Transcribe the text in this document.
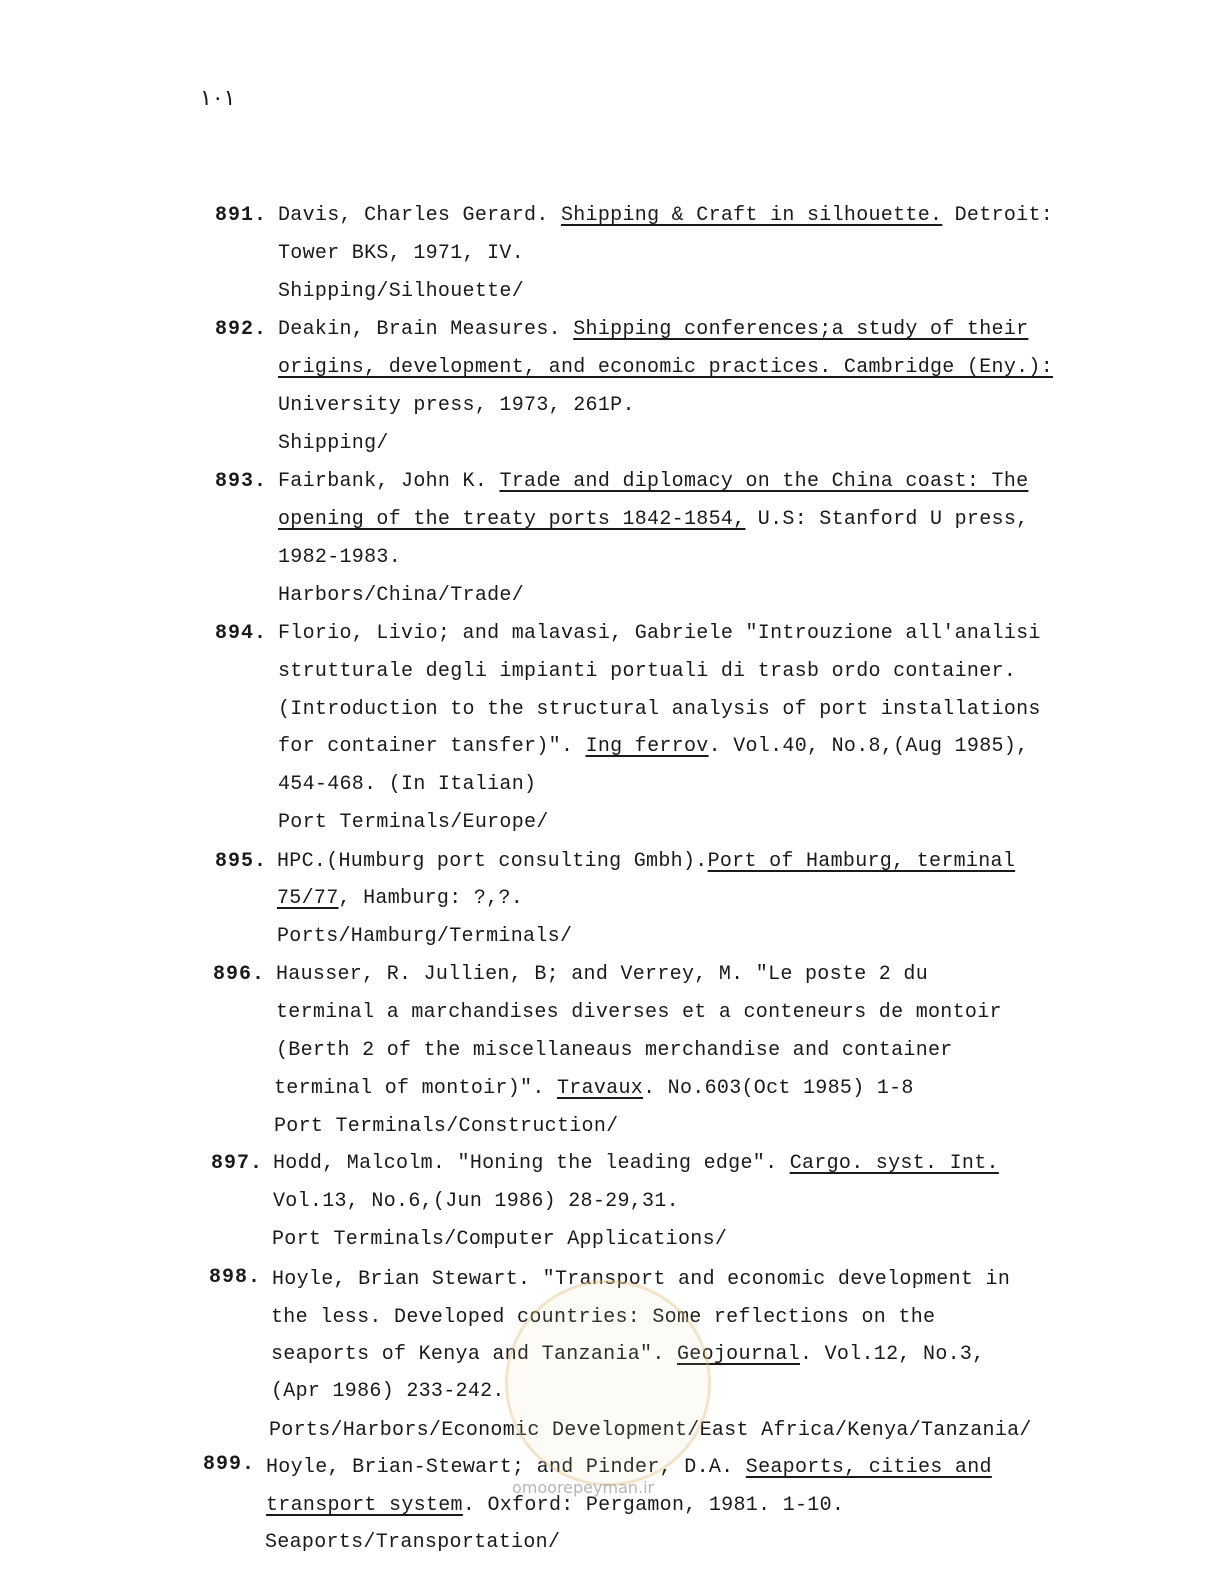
۱۰۱
891. Davis, Charles Gerard. Shipping & Craft in silhouette. Detroit:
Tower BKS, 1971, IV.
Shipping/Silhouette/
892. Deakin, Brain Measures. Shipping conferences;a study of their
origins, development, and economic practices. Cambridge (Eny.):
University press, 1973, 261P.
Shipping/
893. Fairbank, John K. Trade and diplomacy on the China coast: The
opening of the treaty ports 1842-1854, U.S: Stanford U press,
1982-1983.
Harbors/China/Trade/
894. Florio, Livio; and malavasi, Gabriele "Introuzione all'analisi
strutturale degli impianti portuali di trasb ordo container.
(Introduction to the structural analysis of port installations
for container tansfer)". Ing ferrov. Vol.40, No.8,(Aug 1985),
454-468. (In Italian)
Port Terminals/Europe/
895. HPC.(Humburg port consulting Gmbh).Port of Hamburg, terminal
75/77, Hamburg: ?,?.
Ports/Hamburg/Terminals/
896. Hausser, R. Jullien, B; and Verrey, M. "Le poste 2 du
terminal a marchandises diverses et a conteneurs de montoir
(Berth 2 of the miscellaneaus merchandise and container
terminal of montoir)". Travaux. No.603(Oct 1985) 1-8
Port Terminals/Construction/
897. Hodd, Malcolm. "Honing the leading edge". Cargo. syst. Int.
Vol.13, No.6,(Jun 1986) 28-29,31.
Port Terminals/Computer Applications/
898. Hoyle, Brian Stewart. "Transport and economic development in
the less. Developed countries: Some reflections on the
seaports of Kenya and Tanzania". Geojournal. Vol.12, No.3,
(Apr 1986) 233-242.
Ports/Harbors/Economic Development/East Africa/Kenya/Tanzania/
899. Hoyle, Brian-Stewart; and Pinder, D.A. Seaports, cities and
transport system. Oxford: Pergamon, 1981. 1-10.
Seaports/Transportation/
omoorepeyman.ir
